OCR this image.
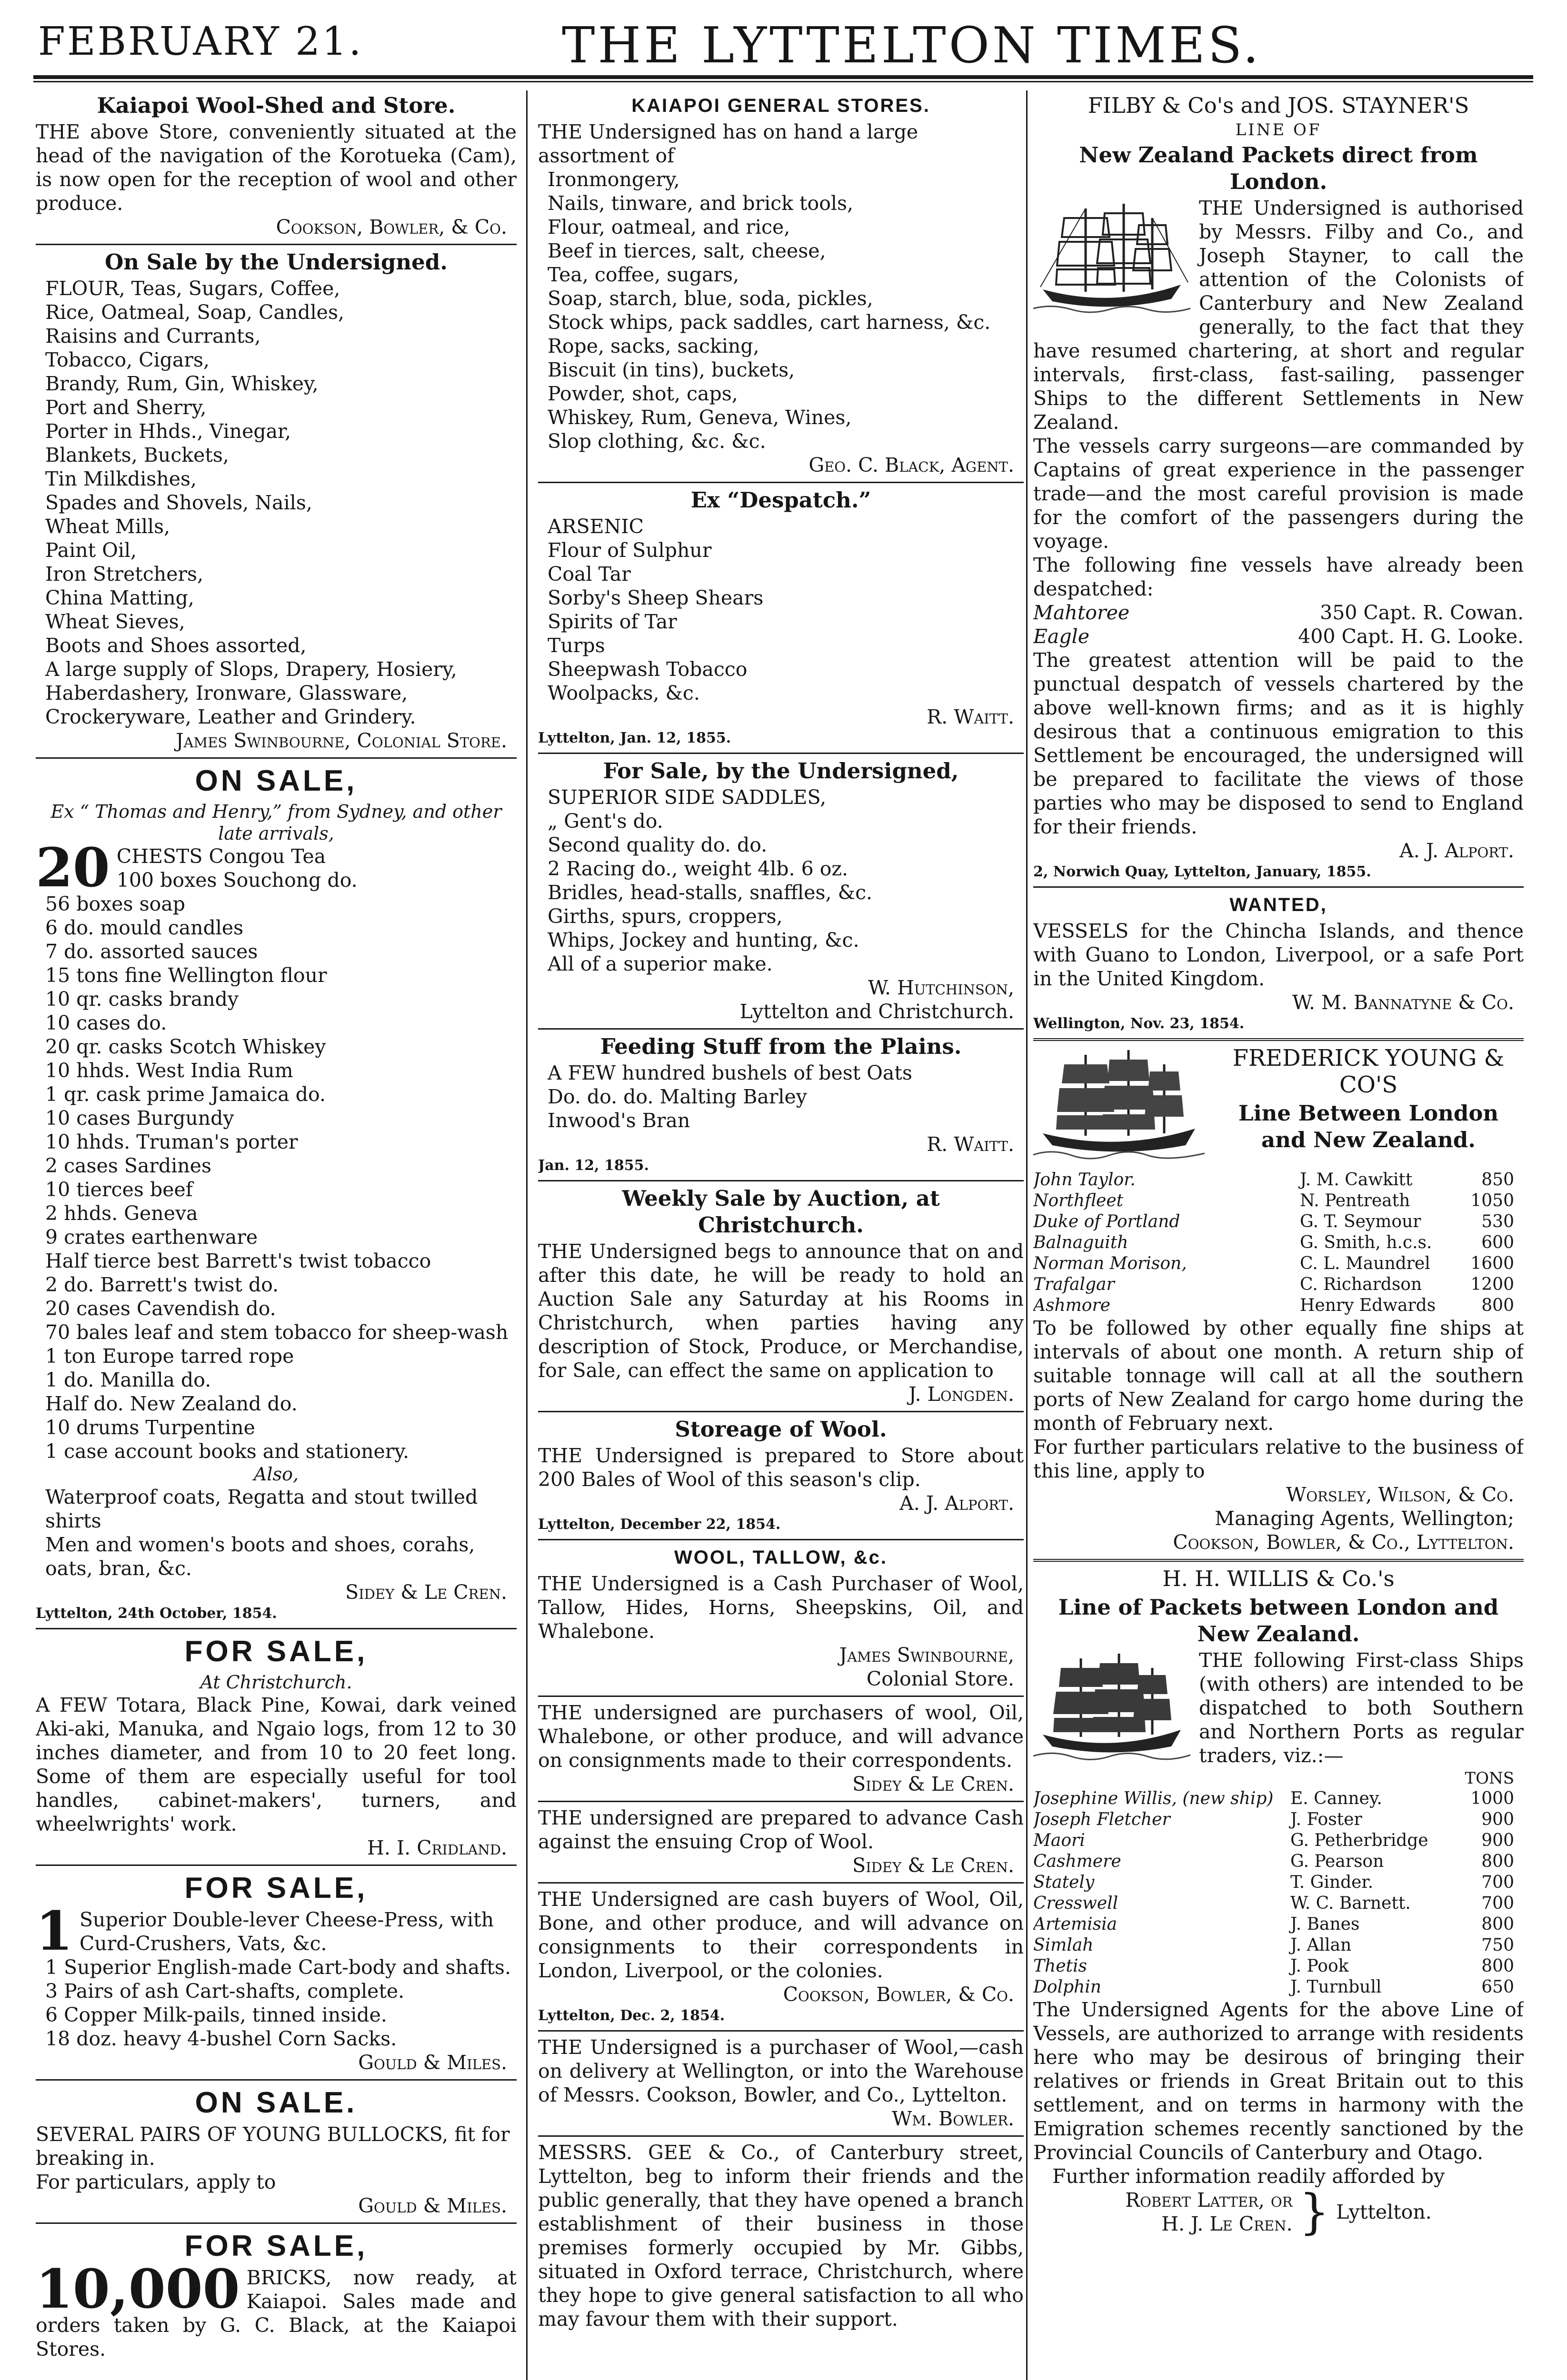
FEBRUARY 21.	THE LYTTELTON TIMES.
Kaiapoi Wool-Shed and Store.

THE above Store, conveniently situated at the head of the navigation of the Korotueka (Cam), is now open for the reception of wool and other produce.

Cookson, Bowler, & Co.
On Sale by the Undersigned.
FLOUR, Teas, Sugars, Coffee,
Rice, Oatmeal, Soap, Candles,
Raisins and Currants,
Tobacco, Cigars,
Brandy, Rum, Gin, Whiskey,
Port and Sherry,
Porter in Hhds., Vinegar,
Blankets, Buckets,
Tin Milkdishes,
Spades and Shovels, Nails,
Wheat Mills,
Paint Oil,
Iron Stretchers,
China Matting,
Wheat Sieves,
Boots and Shoes assorted,
A large supply of Slops, Drapery, Hosiery, Haberdashery, Ironware, Glassware, Crockeryware, Leather and Grindery.
James Swinbourne, Colonial Store.
ON SALE,
Ex “ Thomas and Henry,” from Sydney, and other late arrivals,
20 CHESTS Congou Tea
100 boxes Souchong do.
56 boxes soap
6 do. mould candles
7 do. assorted sauces
15 tons fine Wellington flour
10 qr. casks brandy
10 cases do.
20 qr. casks Scotch Whiskey
10 hhds. West India Rum
1 qr. cask prime Jamaica do.
10 cases Burgundy
10 hhds. Truman's porter
2 cases Sardines
10 tierces beef
2 hhds. Geneva
9 crates earthenware
Half tierce best Barrett's twist tobacco
2 do. Barrett's twist do.
20 cases Cavendish do.
70 bales leaf and stem tobacco for sheep-wash
1 ton Europe tarred rope
1 do. Manilla do.
Half do. New Zealand do.
10 drums Turpentine
1 case account books and stationery.
Also,
Waterproof coats, Regatta and stout twilled shirts
Men and women's boots and shoes, corahs, oats, bran, &c.
Sidey & Le Cren.
Lyttelton, 24th October, 1854.
FOR SALE,
At Christchurch.

A FEW Totara, Black Pine, Kowai, dark veined Aki-aki, Manuka, and Ngaio logs, from 12 to 30 inches diameter, and from 10 to 20 feet long. Some of them are especially useful for tool handles, cabinet-makers', turners, and wheelwrights' work.

H. I. Cridland.
FOR SALE,
1 Superior Double-lever Cheese-Press, with Curd-Crushers, Vats, &c.
1 Superior English-made Cart-body and shafts.
3 Pairs of ash Cart-shafts, complete.
6 Copper Milk-pails, tinned inside.
18 doz. heavy 4-bushel Corn Sacks.
Gould & Miles.
ON SALE.

SEVERAL PAIRS OF YOUNG BULLOCKS, fit for breaking in.

For particulars, apply to

Gould & Miles.
FOR SALE,
10,000 BRICKS, now ready, at Kaiapoi. Sales made and orders taken by G. C. Black, at the Kaiapoi Stores.

KAIAPOI GENERAL STORES.

THE Undersigned has on hand a large assortment of

Ironmongery,
Nails, tinware, and brick tools,
Flour, oatmeal, and rice,
Beef in tierces, salt, cheese,
Tea, coffee, sugars,
Soap, starch, blue, soda, pickles,
Stock whips, pack saddles, cart harness, &c.
Rope, sacks, sacking,
Biscuit (in tins), buckets,
Powder, shot, caps,
Whiskey, Rum, Geneva, Wines,
Slop clothing, &c. &c.
Geo. C. Black, Agent.
Ex “Despatch.”
ARSENIC
Flour of Sulphur
Coal Tar
Sorby's Sheep Shears
Spirits of Tar
Turps
Sheepwash Tobacco
Woolpacks, &c.
R. Waitt.
Lyttelton, Jan. 12, 1855.
For Sale, by the Undersigned,
SUPERIOR SIDE SADDLES,
„ Gent's do.
Second quality do. do.
2 Racing do., weight 4lb. 6 oz.
Bridles, head-stalls, snaffles, &c.
Girths, spurs, croppers,
Whips, Jockey and hunting, &c.
All of a superior make.
W. Hutchinson,
Lyttelton and Christchurch.
Feeding Stuff from the Plains.
A FEW hundred bushels of best Oats
Do. do. do. Malting Barley
Inwood's Bran
R. Waitt.
Jan. 12, 1855.
Weekly Sale by Auction, at Christchurch.

THE Undersigned begs to announce that on and after this date, he will be ready to hold an Auction Sale any Saturday at his Rooms in Christchurch, when parties having any description of Stock, Produce, or Merchandise, for Sale, can effect the same on application to

J. Longden.
Storeage of Wool.

THE Undersigned is prepared to Store about 200 Bales of Wool of this season's clip.

A. J. Alport.
Lyttelton, December 22, 1854.
WOOL, TALLOW, &c.

THE Undersigned is a Cash Purchaser of Wool, Tallow, Hides, Horns, Sheepskins, Oil, and Whalebone.

James Swinbourne,
Colonial Store.

THE undersigned are purchasers of wool, Oil, Whalebone, or other produce, and will advance on consignments made to their correspondents.

Sidey & Le Cren.

THE undersigned are prepared to advance Cash against the ensuing Crop of Wool.

Sidey & Le Cren.

THE Undersigned are cash buyers of Wool, Oil, Bone, and other produce, and will advance on consignments to their correspondents in London, Liverpool, or the colonies.

Cookson, Bowler, & Co.
Lyttelton, Dec. 2, 1854.

THE Undersigned is a purchaser of Wool,—cash on delivery at Wellington, or into the Warehouse of Messrs. Cookson, Bowler, and Co., Lyttelton.

Wm. Bowler.

MESSRS. GEE & Co., of Canterbury street, Lyttelton, beg to inform their friends and the public generally, that they have opened a branch establishment of their business in those premises formerly occupied by Mr. Gibbs, situated in Oxford terrace, Christchurch, where they hope to give general satisfaction to all who may favour them with their support.

FILBY & Co's and JOS. STAYNER'S
LINE OF
New Zealand Packets direct from London.

THE Undersigned is authorised by Messrs. Filby and Co., and Joseph Stayner, to call the attention of the Colonists of Canterbury and New Zealand generally, to the fact that they have resumed chartering, at short and regular intervals, first-class, fast-sailing, passenger Ships to the different Settlements in New Zealand.

The vessels carry surgeons—are commanded by Captains of great experience in the passenger trade—and the most careful provision is made for the comfort of the passengers during the voyage.

The following fine vessels have already been despatched:

Mahtoree	350 Capt. R. Cowan.
Eagle	400 Capt. H. G. Looke.

The greatest attention will be paid to the punctual despatch of vessels chartered by the above well-known firms; and as it is highly desirous that a continuous emigration to this Settlement be encouraged, the undersigned will be prepared to facilitate the views of those parties who may be disposed to send to England for their friends.

A. J. Alport.
2, Norwich Quay, Lyttelton, January, 1855.
WANTED,

VESSELS for the Chincha Islands, and thence with Guano to London, Liverpool, or a safe Port in the United Kingdom.

W. M. Bannatyne & Co.
Wellington, Nov. 23, 1854.
FREDERICK YOUNG & CO'S
Line Between London and New Zealand.
John Taylor.	J. M. Cawkitt	850
Northfleet	N. Pentreath	1050
Duke of Portland	G. T. Seymour	530
Balnaguith	G. Smith, h.c.s.	600
Norman Morison,	C. L. Maundrel	1600
Trafalgar	C. Richardson	1200
Ashmore	Henry Edwards	800

To be followed by other equally fine ships at intervals of about one month. A return ship of suitable tonnage will call at all the southern ports of New Zealand for cargo home during the month of February next.

For further particulars relative to the business of this line, apply to

Worsley, Wilson, & Co.
Managing Agents, Wellington;
Cookson, Bowler, & Co., Lyttelton.
H. H. WILLIS & Co.'s
Line of Packets between London and New Zealand.

THE following First-class Ships (with others) are intended to be dispatched to both Southern and Northern Ports as regular traders, viz.:—

TONS
Josephine Willis, (new ship) E. Canney.	1000
Joseph Fletcher	J. Foster	900
Maori	G. Petherbridge	900
Cashmere	G. Pearson	800
Stately	T. Ginder.	700
Cresswell	W. C. Barnett.	700
Artemisia	J. Banes	800
Simlah	J. Allan	750
Thetis	J. Pook	800
Dolphin	J. Turnbull	650

The Undersigned Agents for the above Line of Vessels, are authorized to arrange with residents here who may be desirous of bringing their relatives or friends in Great Britain out to this settlement, and on terms in harmony with the Emigration schemes recently sanctioned by the Provincial Councils of Canterbury and Otago.

Further information readily afforded by

Robert Latter, or
H. J. Le Cren. } Lyttelton.
